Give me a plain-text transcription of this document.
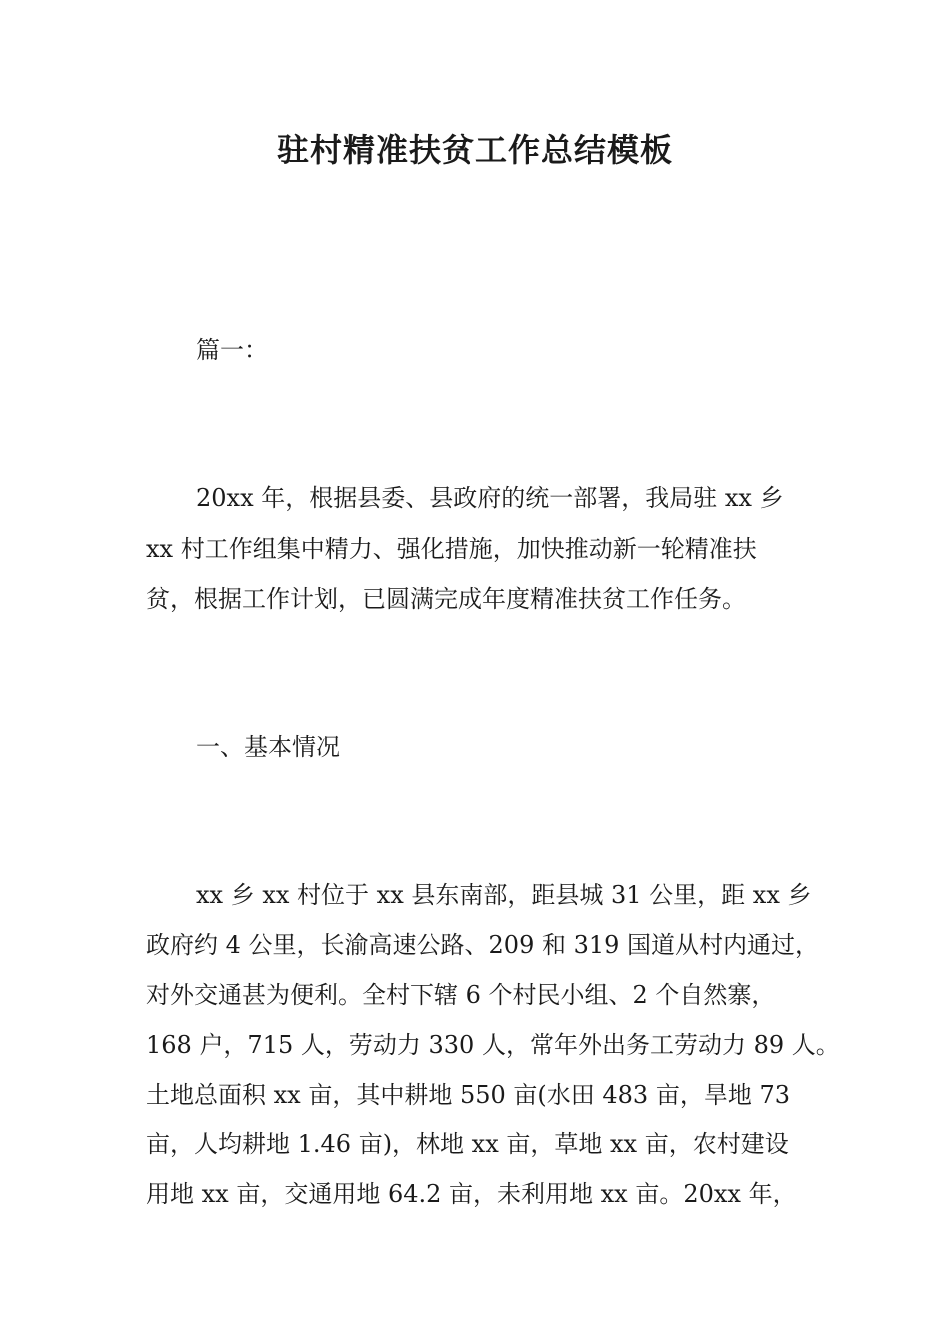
驻村精准扶贫工作总结模板

篇一：

20xx 年，根据县委、县政府的统一部署，我局驻 xx 乡

xx 村工作组集中精力、强化措施，加快推动新一轮精准扶

贫，根据工作计划，已圆满完成年度精准扶贫工作任务。

一、基本情况

xx 乡 xx 村位于 xx 县东南部，距县城 31 公里，距 xx 乡

政府约 4 公里，长渝高速公路、209 和 319 国道从村内通过，

对外交通甚为便利。全村下辖 6 个村民小组、2 个自然寨，

168 户，715 人，劳动力 330 人，常年外出务工劳动力 89 人。

土地总面积 xx 亩，其中耕地 550 亩(水田 483 亩，旱地 73

亩，人均耕地 1.46 亩)，林地 xx 亩，草地 xx 亩，农村建设

用地 xx 亩，交通用地 64.2 亩，未利用地 xx 亩。20xx 年，
